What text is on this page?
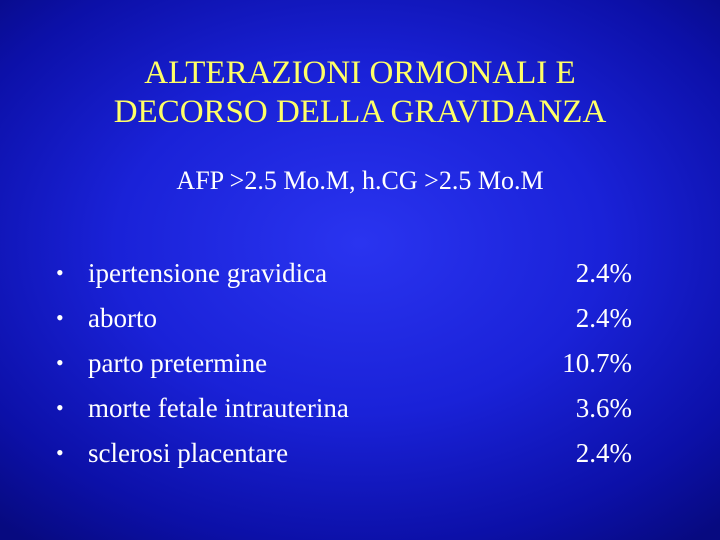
ALTERAZIONI ORMONALI E
DECORSO DELLA GRAVIDANZA

AFP >2.5 Mo.M, h.CG >2.5 Mo.M

• ipertensione gravidica	2.4%
• aborto	2.4%
• parto pretermine	10.7%
• morte fetale intrauterina	3.6%
• sclerosi placentare	2.4%
